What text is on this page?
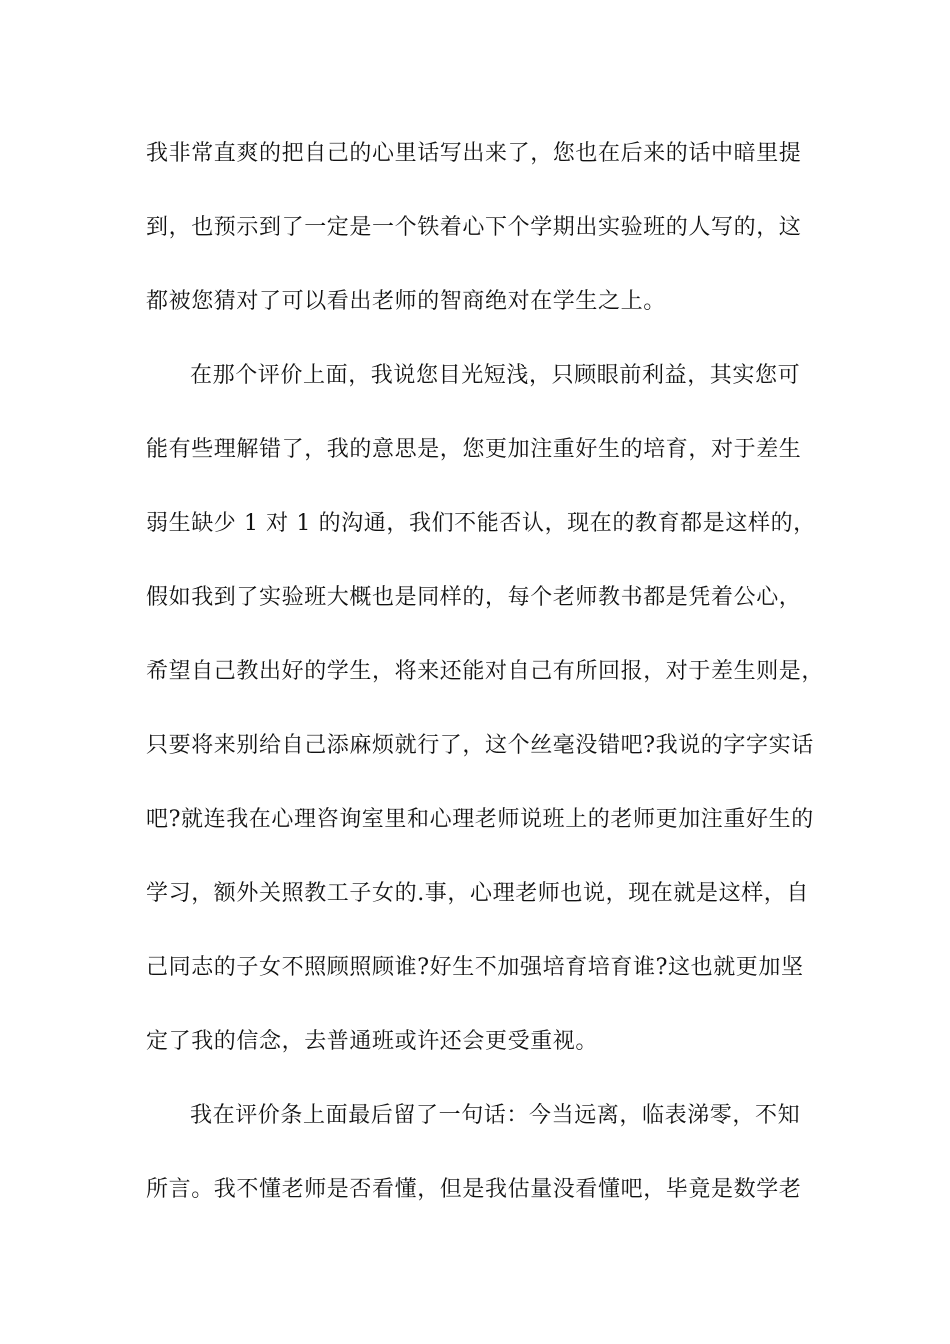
我非常直爽的把自己的心里话写出来了，您也在后来的话中暗里提
到，也预示到了一定是一个铁着心下个学期出实验班的人写的，这
都被您猜对了可以看出老师的智商绝对在学生之上。
在那个评价上面，我说您目光短浅，只顾眼前利益，其实您可
能有些理解错了，我的意思是，您更加注重好生的培育，对于差生
弱生缺少 1 对 1 的沟通，我们不能否认，现在的教育都是这样的，
假如我到了实验班大概也是同样的，每个老师教书都是凭着公心，
希望自己教出好的学生，将来还能对自己有所回报，对于差生则是，
只要将来别给自己添麻烦就行了，这个丝毫没错吧?我说的字字实话
吧?就连我在心理咨询室里和心理老师说班上的老师更加注重好生的
学习，额外关照教工子女的.事，心理老师也说，现在就是这样，自
己同志的子女不照顾照顾谁?好生不加强培育培育谁?这也就更加坚
定了我的信念，去普通班或许还会更受重视。
我在评价条上面最后留了一句话：今当远离，临表涕零，不知
所言。我不懂老师是否看懂，但是我估量没看懂吧，毕竟是数学老
